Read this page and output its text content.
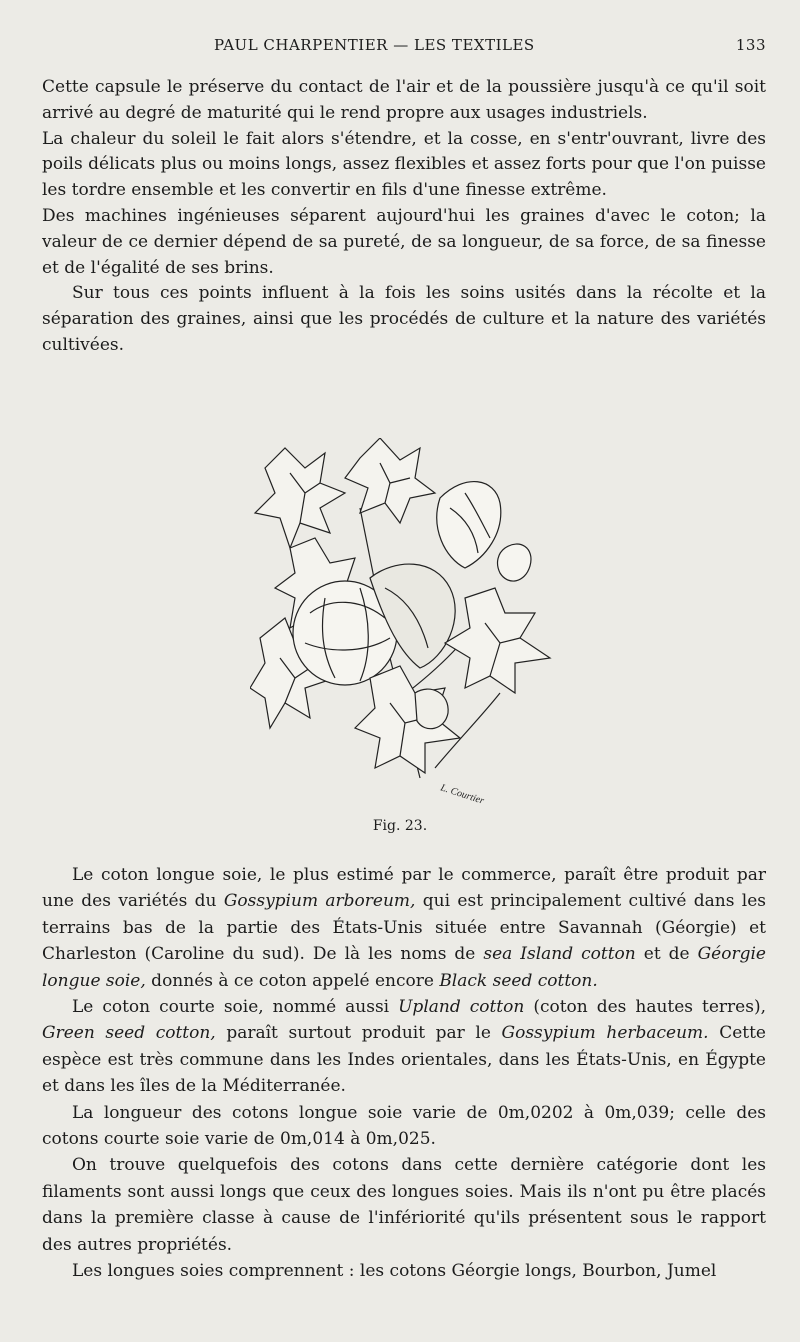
PAUL CHARPENTIER — LES TEXTILES	133

Cette capsule le préserve du contact de l'air et de la poussière jusqu'à ce qu'il soit arrivé au degré de maturité qui le rend propre aux usages industriels.

La chaleur du soleil le fait alors s'étendre, et la cosse, en s'entr'ouvrant, livre des poils délicats plus ou moins longs, assez flexibles et assez forts pour que l'on puisse les tordre ensemble et les convertir en fils d'une finesse extrême.

Des machines ingénieuses séparent aujourd'hui les graines d'avec le coton; la valeur de ce dernier dépend de sa pureté, de sa longueur, de sa force, de sa finesse et de l'égalité de ses brins.

Sur tous ces points influent à la fois les soins usités dans la récolte et la séparation des graines, ainsi que les procédés de culture et la nature des variétés cultivées.

L. Courtier
Fig. 23.

Le coton longue soie, le plus estimé par le commerce, paraît être produit par une des variétés du Gossypium arboreum, qui est principalement cultivé dans les terrains bas de la partie des États-Unis située entre Savannah (Géorgie) et Charleston (Caroline du sud). De là les noms de sea Island cotton et de Géorgie longue soie, donnés à ce coton appelé encore Black seed cotton.

Le coton courte soie, nommé aussi Upland cotton (coton des hautes terres), Green seed cotton, paraît surtout produit par le Gossypium herbaceum. Cette espèce est très commune dans les Indes orientales, dans les États-Unis, en Égypte et dans les îles de la Méditerranée.

La longueur des cotons longue soie varie de 0m,0202 à 0m,039; celle des cotons courte soie varie de 0m,014 à 0m,025.

On trouve quelquefois des cotons dans cette dernière catégorie dont les filaments sont aussi longs que ceux des longues soies. Mais ils n'ont pu être placés dans la première classe à cause de l'infériorité qu'ils présentent sous le rapport des autres propriétés.

Les longues soies comprennent : les cotons Géorgie longs, Bourbon, Jumel
